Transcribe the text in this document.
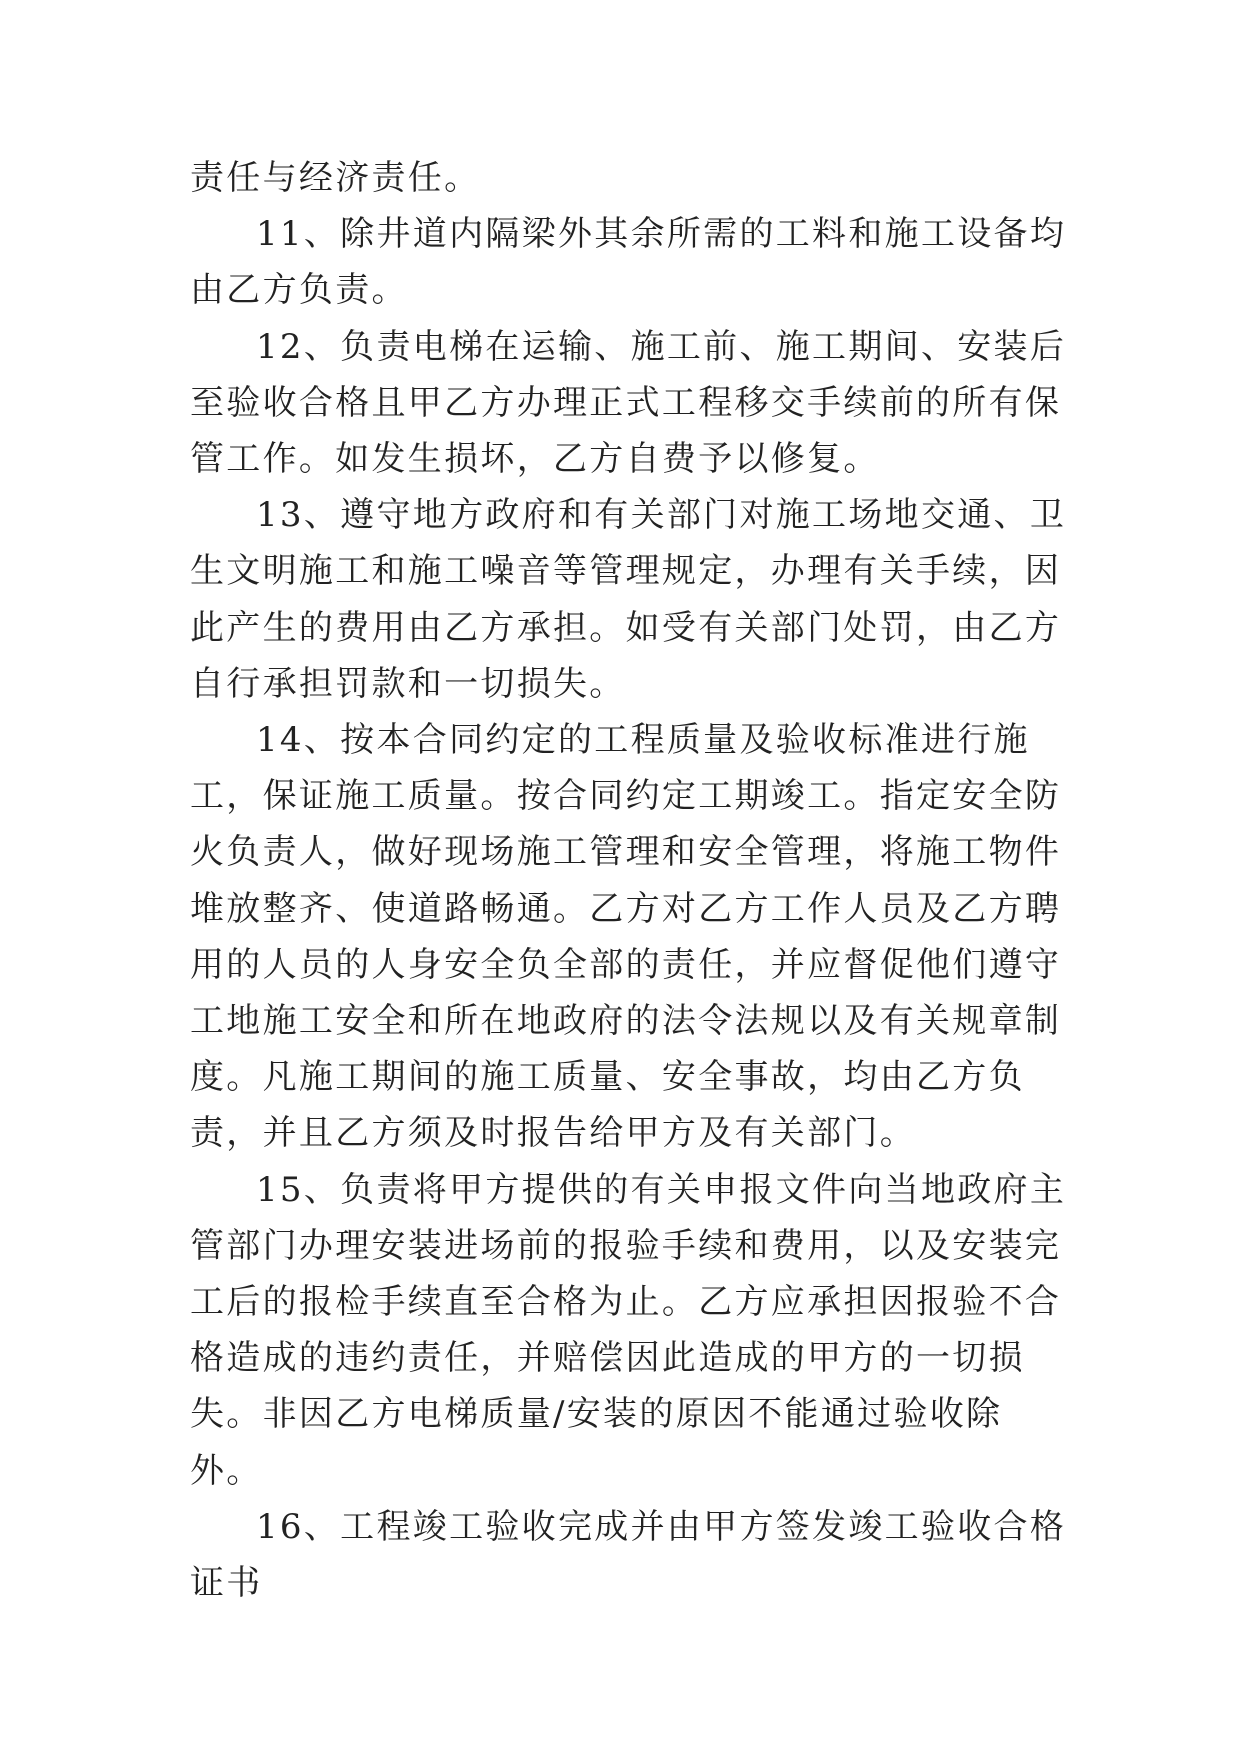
责任与经济责任。

11、除井道内隔梁外其余所需的工料和施工设备均由乙方负责。

12、负责电梯在运输、施工前、施工期间、安装后至验收合格且甲乙方办理正式工程移交手续前的所有保管工作。如发生损坏，乙方自费予以修复。

13、遵守地方政府和有关部门对施工场地交通、卫生文明施工和施工噪音等管理规定，办理有关手续，因此产生的费用由乙方承担。如受有关部门处罚，由乙方自行承担罚款和一切损失。

14、按本合同约定的工程质量及验收标准进行施工，保证施工质量。按合同约定工期竣工。指定安全防火负责人，做好现场施工管理和安全管理，将施工物件堆放整齐、使道路畅通。乙方对乙方工作人员及乙方聘用的人员的人身安全负全部的责任，并应督促他们遵守工地施工安全和所在地政府的法令法规以及有关规章制度。凡施工期间的施工质量、安全事故，均由乙方负责，并且乙方须及时报告给甲方及有关部门。

15、负责将甲方提供的有关申报文件向当地政府主管部门办理安装进场前的报验手续和费用，以及安装完工后的报检手续直至合格为止。乙方应承担因报验不合格造成的违约责任，并赔偿因此造成的甲方的一切损失。非因乙方电梯质量/安装的原因不能通过验收除外。

16、工程竣工验收完成并由甲方签发竣工验收合格证书
